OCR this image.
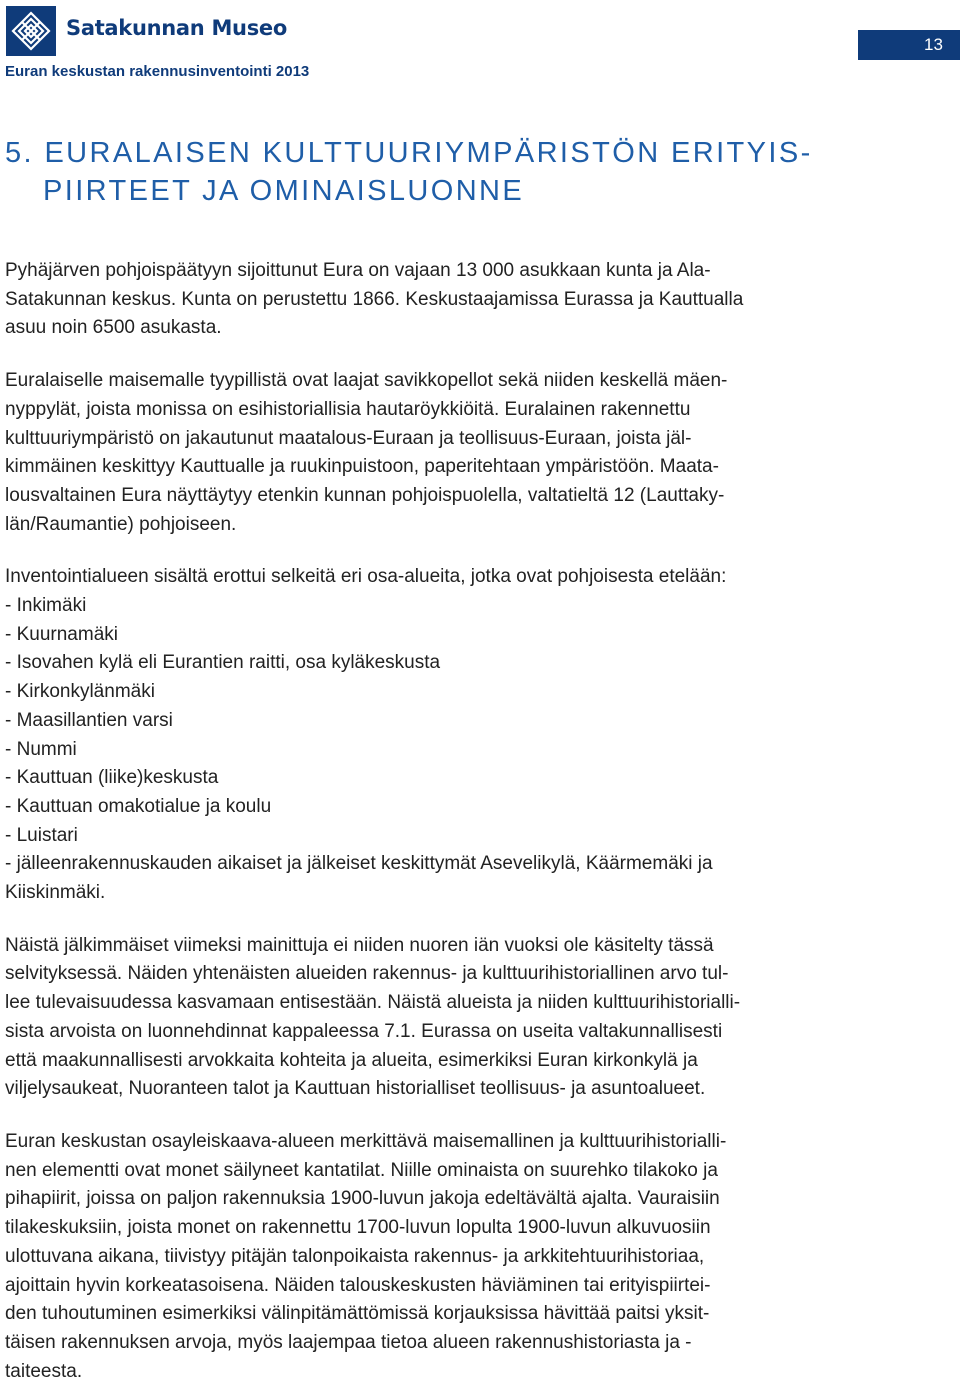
Satakunnan Museo
Euran keskustan rakennusinventointi 2013
13
5. EURALAISEN KULTTUURIYMPÄRISTÖN ERITYIS-
PIIRTEET JA OMINAISLUONNE

Pyhäjärven pohjoispäätyyn sijoittunut Eura on vajaan 13 000 asukkaan kunta ja Ala-
Satakunnan keskus. Kunta on perustettu 1866. Keskustaajamissa Eurassa ja Kauttualla
asuu noin 6500 asukasta.

Euralaiselle maisemalle tyypillistä ovat laajat savikkopellot sekä niiden keskellä mäen-
nyppylät, joista monissa on esihistoriallisia hautaröykkiöitä. Euralainen rakennettu
kulttuuriympäristö on jakautunut maatalous-Euraan ja teollisuus-Euraan, joista jäl-
kimmäinen keskittyy Kauttualle ja ruukinpuistoon, paperitehtaan ympäristöön. Maata-
lousvaltainen Eura näyttäytyy etenkin kunnan pohjoispuolella, valtatieltä 12 (Lauttaky-
län/Raumantie) pohjoiseen.

Inventointialueen sisältä erottui selkeitä eri osa-alueita, jotka ovat pohjoisesta etelään:
- Inkimäki
- Kuurnamäki
- Isovahen kylä eli Eurantien raitti, osa kyläkeskusta
- Kirkonkylänmäki
- Maasillantien varsi
- Nummi
- Kauttuan (liike)keskusta
- Kauttuan omakotialue ja koulu
- Luistari
- jälleenrakennuskauden aikaiset ja jälkeiset keskittymät Asevelikylä, Käärmemäki ja
Kiiskinmäki.

Näistä jälkimmäiset viimeksi mainittuja ei niiden nuoren iän vuoksi ole käsitelty tässä
selvityksessä. Näiden yhtenäisten alueiden rakennus- ja kulttuurihistoriallinen arvo tul-
lee tulevaisuudessa kasvamaan entisestään. Näistä alueista ja niiden kulttuurihistorialli-
sista arvoista on luonnehdinnat kappaleessa 7.1. Eurassa on useita valtakunnallisesti
että maakunnallisesti arvokkaita kohteita ja alueita, esimerkiksi Euran kirkonkylä ja
viljelysaukeat, Nuoranteen talot ja Kauttuan historialliset teollisuus- ja asuntoalueet.

Euran keskustan osayleiskaava-alueen merkittävä maisemallinen ja kulttuurihistorialli-
nen elementti ovat monet säilyneet kantatilat. Niille ominaista on suurehko tilakoko ja
pihapiirit, joissa on paljon rakennuksia 1900-luvun jakoja edeltävältä ajalta. Vauraisiin
tilakeskuksiin, joista monet on rakennettu 1700-luvun lopulta 1900-luvun alkuvuosiin
ulottuvana aikana, tiivistyy pitäjän talonpoikaista rakennus- ja arkkitehtuurihistoriaa,
ajoittain hyvin korkeatasoisena. Näiden talouskeskusten häviäminen tai erityispiirtei-
den tuhoutuminen esimerkiksi välinpitämättömissä korjauksissa hävittää paitsi yksit-
täisen rakennuksen arvoja, myös laajempaa tietoa alueen rakennushistoriasta ja -
taiteesta.
